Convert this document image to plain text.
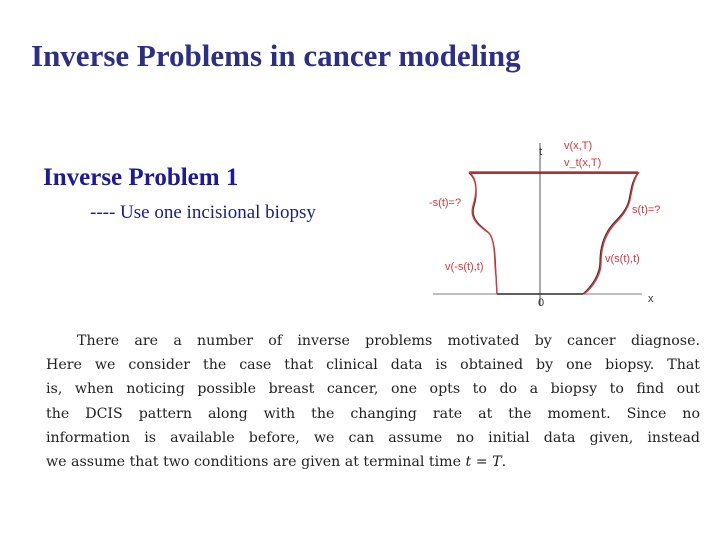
Inverse Problems in cancer modeling
Inverse Problem 1

---- Use one incisional biopsy

t
x
0
v(x,T)
v_t(x,T)
-s(t)=?
s(t)=?
v(-s(t),t)
v(s(t),t)
There are a number of inverse problems motivated by cancer diagnose.
Here we consider the case that clinical data is obtained by one biopsy. That
is, when noticing possible breast cancer, one opts to do a biopsy to find out
the DCIS pattern along with the changing rate at the moment. Since no
information is available before, we can assume no initial data given, instead
we assume that two conditions are given at terminal time t = T.
